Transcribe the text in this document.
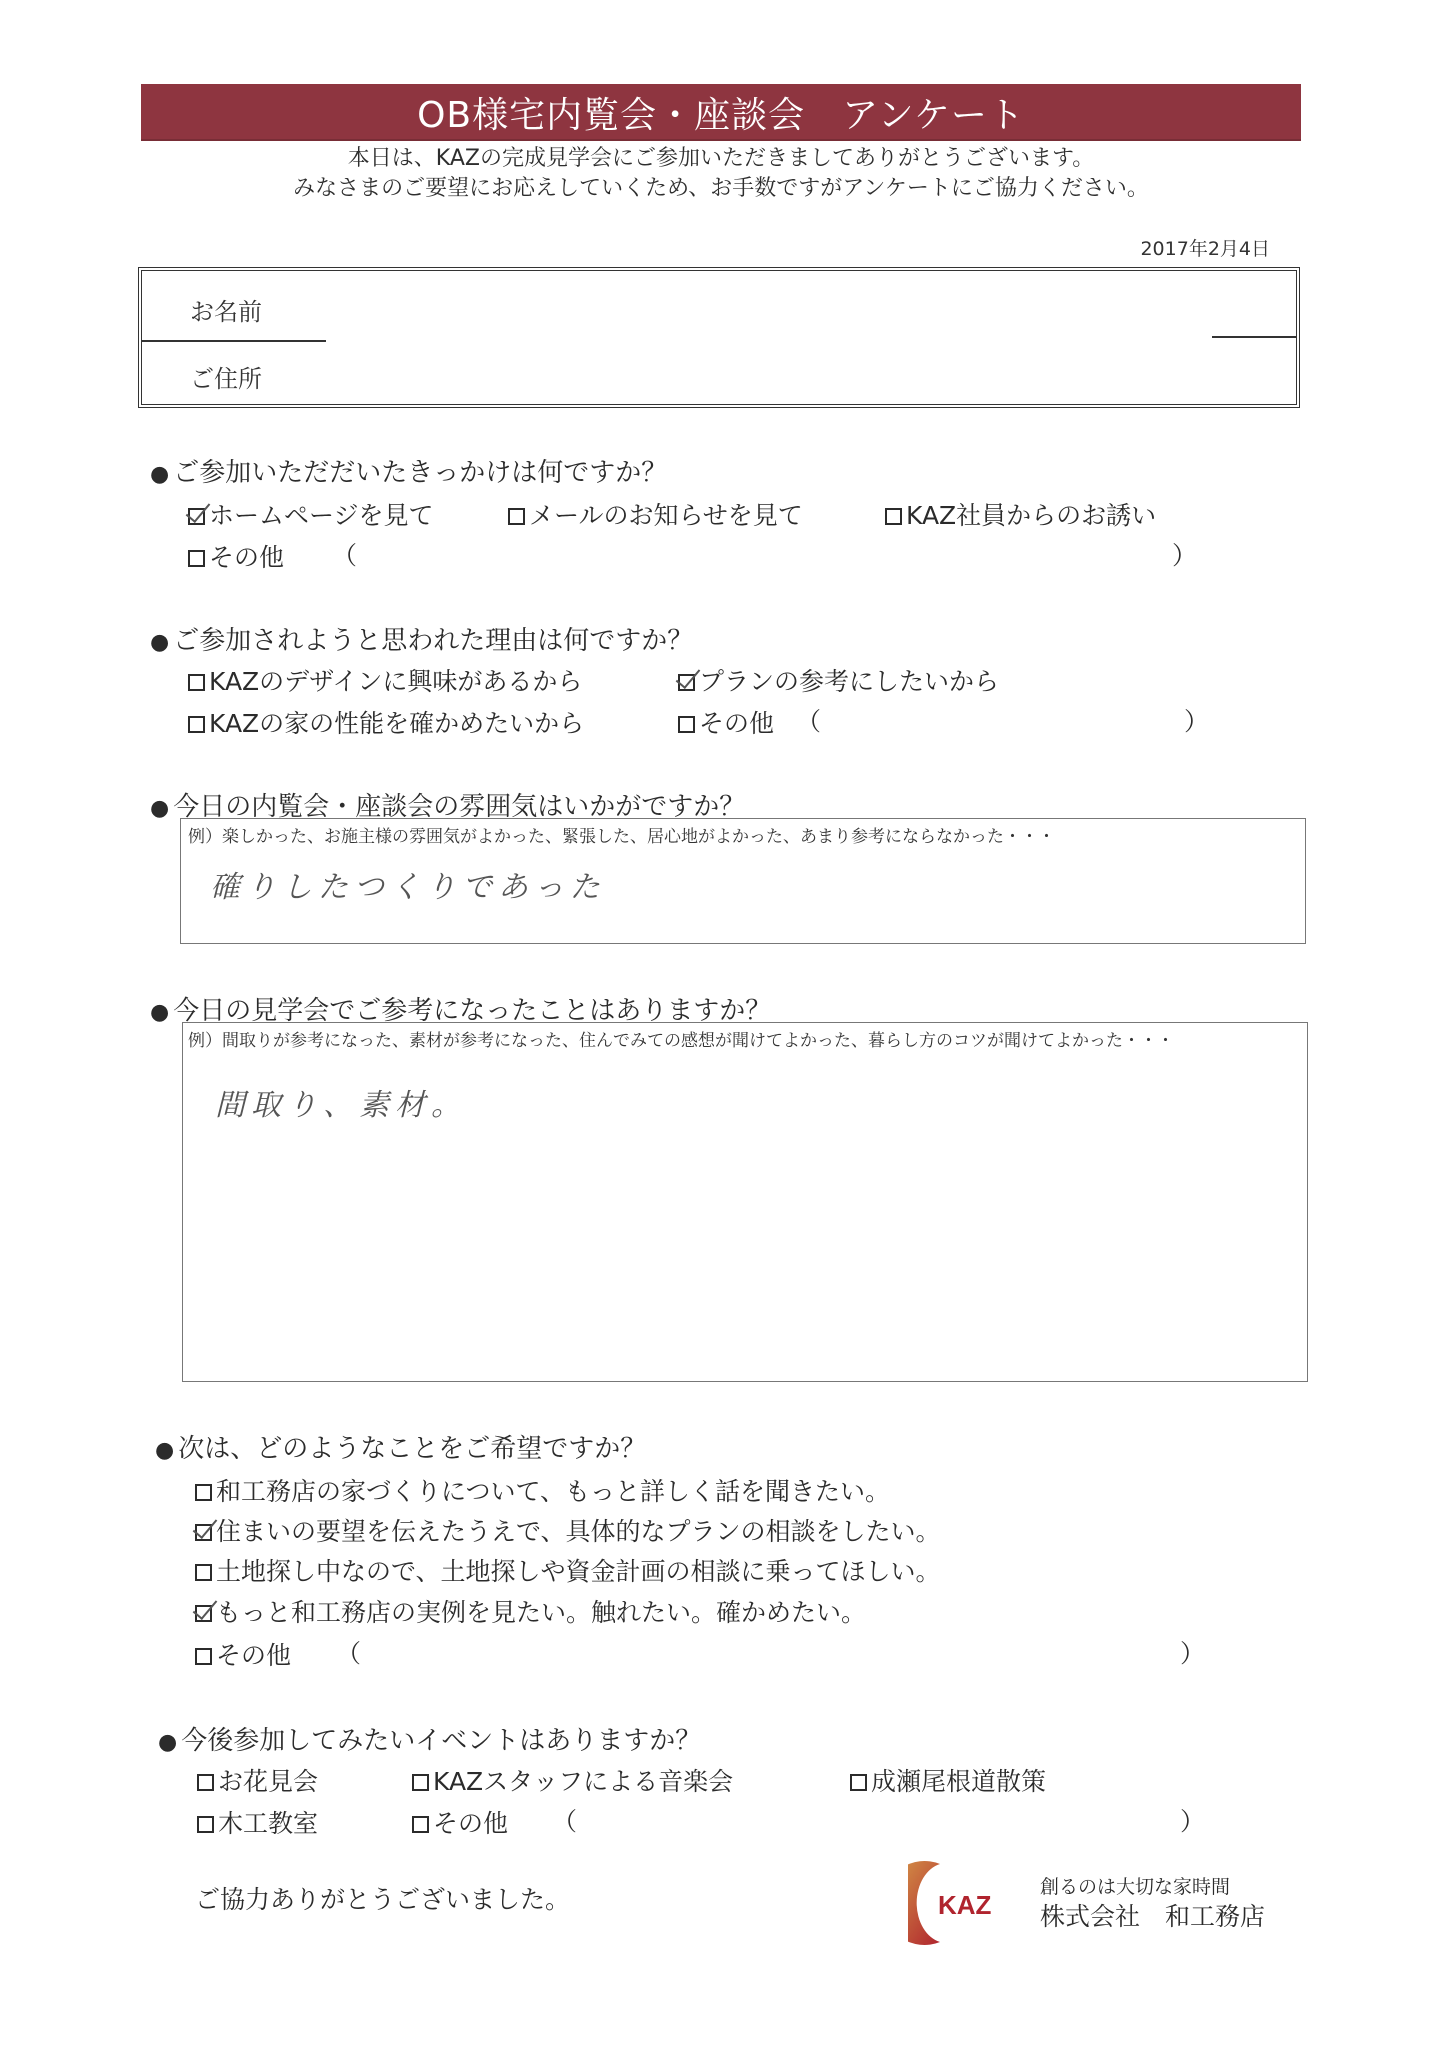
OB様宅内覧会・座談会　アンケート
本日は、KAZの完成見学会にご参加いただきましてありがとうございます。
みなさまのご要望にお応えしていくため、お手数ですがアンケートにご協力ください。
2017年2月4日
お名前
ご住所
● ご参加いただだいたきっかけは何ですか？
ホームページを見て	メールのお知らせを見て	KAZ社員からのお誘い
その他 （	）
● ご参加されようと思われた理由は何ですか？
KAZのデザインに興味があるから	プランの参考にしたいから
KAZの家の性能を確かめたいから	その他 （	）
● 今日の内覧会・座談会の雰囲気はいかがですか？
例）楽しかった、お施主様の雰囲気がよかった、緊張した、居心地がよかった、あまり参考にならなかった・・・
確りしたつくりであった
● 今日の見学会でご参考になったことはありますか？
例）間取りが参考になった、素材が参考になった、住んでみての感想が聞けてよかった、暮らし方のコツが聞けてよかった・・・
間取り、素材。
● 次は、どのようなことをご希望ですか？
和工務店の家づくりについて、もっと詳しく話を聞きたい。
住まいの要望を伝えたうえで、具体的なプランの相談をしたい。
土地探し中なので、土地探しや資金計画の相談に乗ってほしい。
もっと和工務店の実例を見たい。触れたい。確かめたい。
その他 （	）
● 今後参加してみたいイベントはありますか？
お花見会	KAZスタッフによる音楽会	成瀬尾根道散策
木工教室	その他 （	）
ご協力ありがとうございました。	KAZ
創るのは大切な家時間
株式会社　和工務店
